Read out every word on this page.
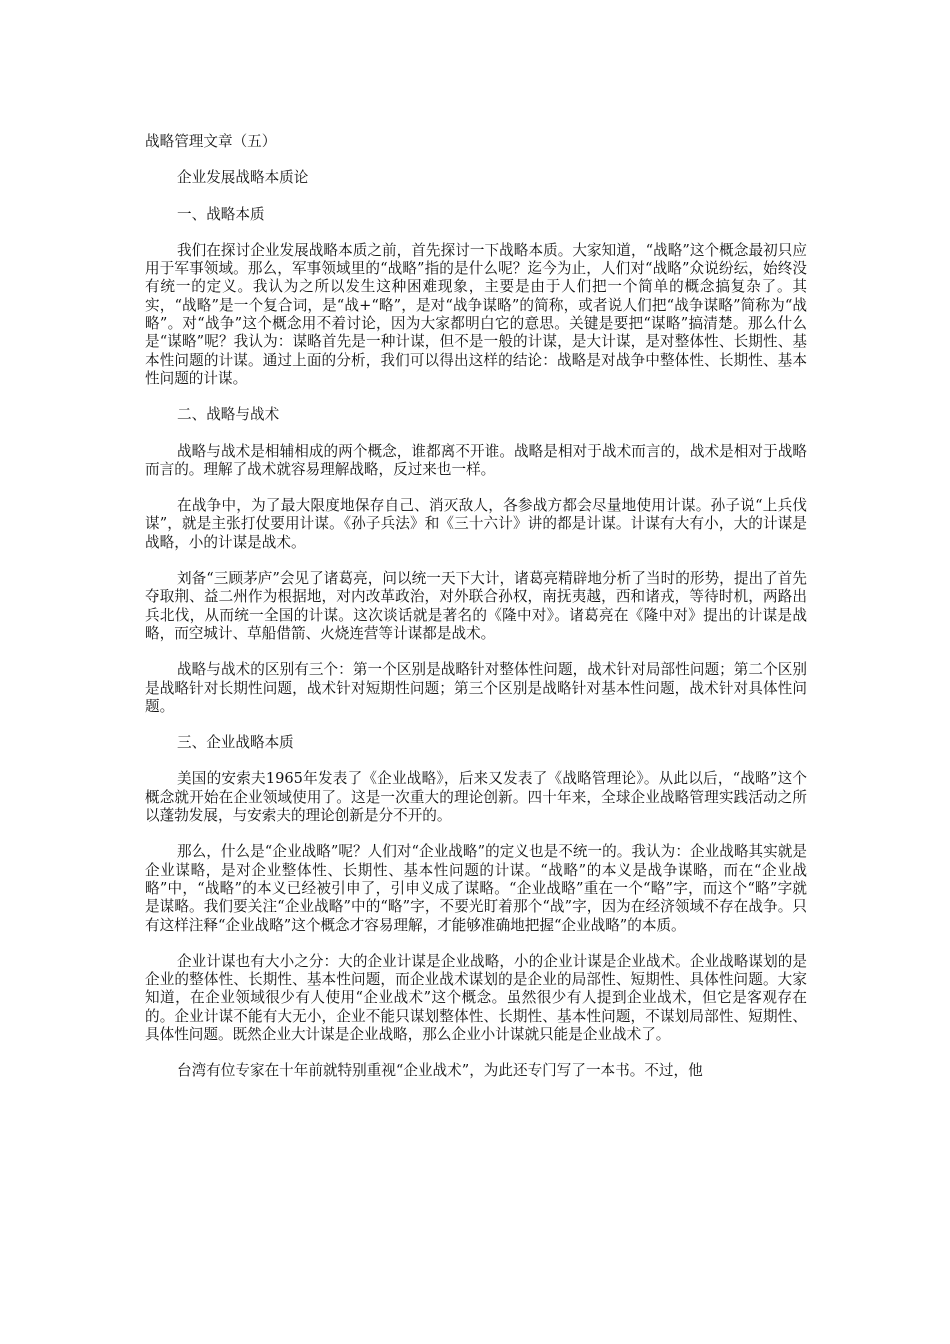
战略管理文章（五）
企业发展战略本质论
一、战略本质

我们在探讨企业发展战略本质之前，首先探讨一下战略本质。大家知道，“战略”这个概念最初只应用于军事领域。那么，军事领域里的“战略”指的是什么呢？迄今为止，人们对“战略”众说纷纭，始终没有统一的定义。我认为之所以发生这种困难现象，主要是由于人们把一个简单的概念搞复杂了。其实，“战略”是一个复合词，是“战+“略”，是对“战争谋略”的简称，或者说人们把“战争谋略”简称为“战略”。对“战争”这个概念用不着讨论，因为大家都明白它的意思。关键是要把“谋略”搞清楚。那么什么是“谋略”呢？我认为：谋略首先是一种计谋，但不是一般的计谋，是大计谋，是对整体性、长期性、基本性问题的计谋。通过上面的分析，我们可以得出这样的结论：战略是对战争中整体性、长期性、基本性问题的计谋。

二、战略与战术

战略与战术是相辅相成的两个概念，谁都离不开谁。战略是相对于战术而言的，战术是相对于战略而言的。理解了战术就容易理解战略，反过来也一样。

在战争中，为了最大限度地保存自己、消灭敌人，各参战方都会尽量地使用计谋。孙子说“上兵伐谋”，就是主张打仗要用计谋。《孙子兵法》和《三十六计》讲的都是计谋。计谋有大有小，大的计谋是战略，小的计谋是战术。

刘备“三顾茅庐”会见了诸葛亮，问以统一天下大计，诸葛亮精辟地分析了当时的形势，提出了首先夺取荆、益二州作为根据地，对内改革政治，对外联合孙权，南抚夷越，西和诸戎，等待时机，两路出兵北伐，从而统一全国的计谋。这次谈话就是著名的《隆中对》。诸葛亮在《隆中对》提出的计谋是战略，而空城计、草船借箭、火烧连营等计谋都是战术。

战略与战术的区别有三个：第一个区别是战略针对整体性问题，战术针对局部性问题；第二个区别是战略针对长期性问题，战术针对短期性问题；第三个区别是战略针对基本性问题，战术针对具体性问题。

三、企业战略本质

美国的安索夫1965年发表了《企业战略》，后来又发表了《战略管理论》。从此以后，“战略”这个概念就开始在企业领域使用了。这是一次重大的理论创新。四十年来，全球企业战略管理实践活动之所以蓬勃发展，与安索夫的理论创新是分不开的。

那么，什么是“企业战略”呢？人们对“企业战略”的定义也是不统一的。我认为：企业战略其实就是企业谋略，是对企业整体性、长期性、基本性问题的计谋。“战略”的本义是战争谋略，而在“企业战略”中，“战略”的本义已经被引申了，引申义成了谋略。“企业战略”重在一个“略”字，而这个“略”字就是谋略。我们要关注“企业战略”中的“略”字，不要光盯着那个“战”字，因为在经济领域不存在战争。只有这样注释“企业战略”这个概念才容易理解，才能够准确地把握“企业战略”的本质。

企业计谋也有大小之分：大的企业计谋是企业战略，小的企业计谋是企业战术。企业战略谋划的是企业的整体性、长期性、基本性问题，而企业战术谋划的是企业的局部性、短期性、具体性问题。大家知道，在企业领域很少有人使用“企业战术”这个概念。虽然很少有人提到企业战术，但它是客观存在的。企业计谋不能有大无小，企业不能只谋划整体性、长期性、基本性问题，不谋划局部性、短期性、具体性问题。既然企业大计谋是企业战略，那么企业小计谋就只能是企业战术了。

台湾有位专家在十年前就特别重视“企业战术”，为此还专门写了一本书。不过，他
